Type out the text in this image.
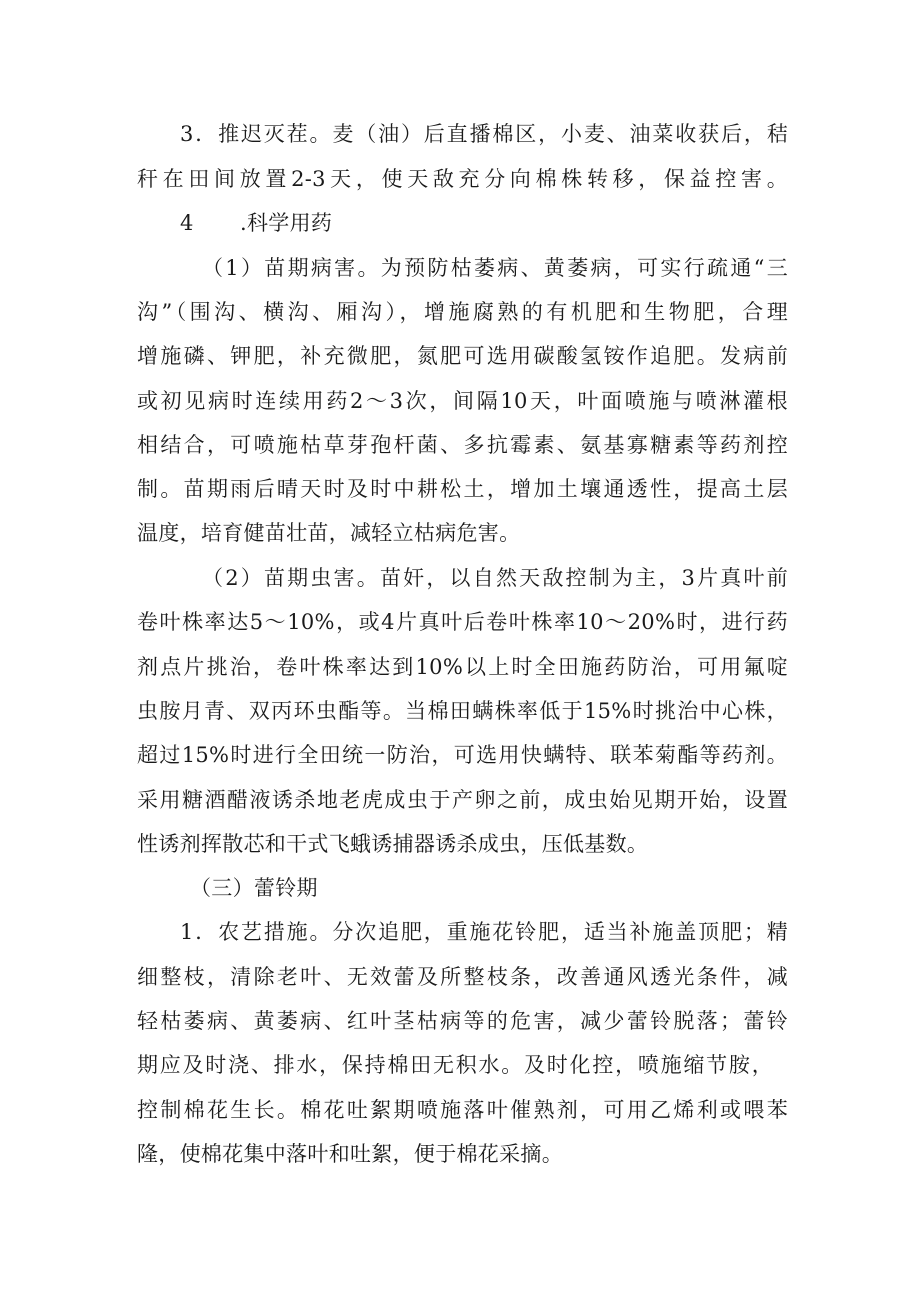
3．推迟灭茬。麦（油）后直播棉区，小麦、油菜收获后，秸
秆在田间放置2-3天，使天敌充分向棉株转移，保益控害。
4	.科学用药
（1）苗期病害。为预防枯萎病、黄萎病，可实行疏通“三
沟”（围沟、横沟、厢沟），增施腐熟的有机肥和生物肥，合理
增施磷、钾肥，补充微肥，氮肥可选用碳酸氢铵作追肥。发病前
或初见病时连续用药2～3次，间隔10天，叶面喷施与喷淋灌根
相结合，可喷施枯草芽孢杆菌、多抗霉素、氨基寡糖素等药剂控
制。苗期雨后晴天时及时中耕松土，增加土壤通透性，提高土层
温度，培育健苗壮苗，减轻立枯病危害。
（2）苗期虫害。苗奸，以自然天敌控制为主，3片真叶前
卷叶株率达5～10%，或4片真叶后卷叶株率10～20%时，进行药
剂点片挑治，卷叶株率达到10%以上时全田施药防治，可用氟啶
虫胺月青、双丙环虫酯等。当棉田螨株率低于15%时挑治中心株，
超过15%时进行全田统一防治，可选用快螨特、联苯菊酯等药剂。
采用糖酒醋液诱杀地老虎成虫于产卵之前，成虫始见期开始，设置
性诱剂挥散芯和干式飞蛾诱捕器诱杀成虫，压低基数。
（三）蕾铃期
1．农艺措施。分次追肥，重施花铃肥，适当补施盖顶肥；精
细整枝，清除老叶、无效蕾及所整枝条，改善通风透光条件，减
轻枯萎病、黄萎病、红叶茎枯病等的危害，减少蕾铃脱落；蕾铃
期应及时浇、排水，保持棉田无积水。及时化控，喷施缩节胺，
控制棉花生长。棉花吐絮期喷施落叶催熟剂，可用乙烯利或喂苯
隆，使棉花集中落叶和吐絮，便于棉花采摘。
